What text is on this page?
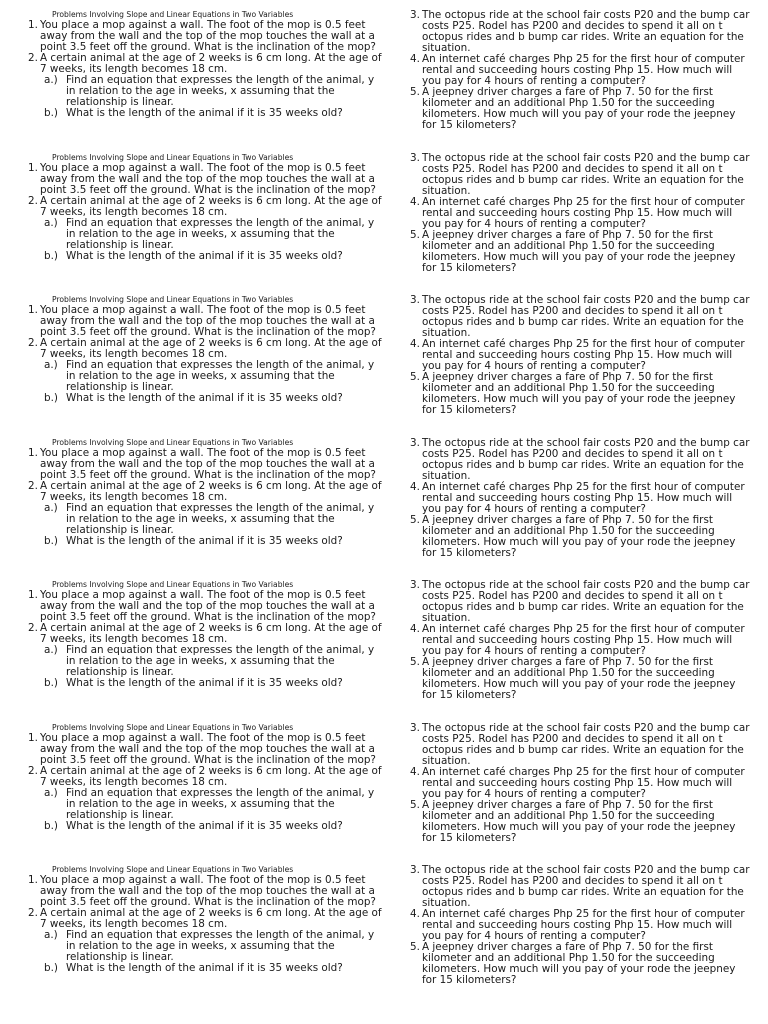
Problems Involving Slope and Linear Equations in Two Variables
1. You place a mop against a wall. The foot of the mop is 0.5 feet away from the wall and the top of the mop touches the wall at a point 3.5 feet off the ground. What is the inclination of the mop?
2. A certain animal at the age of 2 weeks is 6 cm long. At the age of 7 weeks, its length becomes 18 cm.
a.) Find an equation that expresses the length of the animal, y in relation to the age in weeks, x assuming that the relationship is linear.
b.) What is the length of the animal if it is 35 weeks old?
3. The octopus ride at the school fair costs P20 and the bump car costs P25. Rodel has P200 and decides to spend it all on t octopus rides and b bump car rides. Write an equation for the situation.
4. An internet café charges Php 25 for the first hour of computer rental and succeeding hours costing Php 15. How much will you pay for 4 hours of renting a computer?
5. A jeepney driver charges a fare of Php 7. 50 for the first kilometer and an additional Php 1.50 for the succeeding kilometers. How much will you pay of your rode the jeepney for 15 kilometers?
Problems Involving Slope and Linear Equations in Two Variables
1. You place a mop against a wall. The foot of the mop is 0.5 feet away from the wall and the top of the mop touches the wall at a point 3.5 feet off the ground. What is the inclination of the mop?
2. A certain animal at the age of 2 weeks is 6 cm long. At the age of 7 weeks, its length becomes 18 cm.
a.) Find an equation that expresses the length of the animal, y in relation to the age in weeks, x assuming that the relationship is linear.
b.) What is the length of the animal if it is 35 weeks old?
3. The octopus ride at the school fair costs P20 and the bump car costs P25. Rodel has P200 and decides to spend it all on t octopus rides and b bump car rides. Write an equation for the situation.
4. An internet café charges Php 25 for the first hour of computer rental and succeeding hours costing Php 15. How much will you pay for 4 hours of renting a computer?
5. A jeepney driver charges a fare of Php 7. 50 for the first kilometer and an additional Php 1.50 for the succeeding kilometers. How much will you pay of your rode the jeepney for 15 kilometers?
Problems Involving Slope and Linear Equations in Two Variables
1. You place a mop against a wall. The foot of the mop is 0.5 feet away from the wall and the top of the mop touches the wall at a point 3.5 feet off the ground. What is the inclination of the mop?
2. A certain animal at the age of 2 weeks is 6 cm long. At the age of 7 weeks, its length becomes 18 cm.
a.) Find an equation that expresses the length of the animal, y in relation to the age in weeks, x assuming that the relationship is linear.
b.) What is the length of the animal if it is 35 weeks old?
3. The octopus ride at the school fair costs P20 and the bump car costs P25. Rodel has P200 and decides to spend it all on t octopus rides and b bump car rides. Write an equation for the situation.
4. An internet café charges Php 25 for the first hour of computer rental and succeeding hours costing Php 15. How much will you pay for 4 hours of renting a computer?
5. A jeepney driver charges a fare of Php 7. 50 for the first kilometer and an additional Php 1.50 for the succeeding kilometers. How much will you pay of your rode the jeepney for 15 kilometers?
Problems Involving Slope and Linear Equations in Two Variables
1. You place a mop against a wall. The foot of the mop is 0.5 feet away from the wall and the top of the mop touches the wall at a point 3.5 feet off the ground. What is the inclination of the mop?
2. A certain animal at the age of 2 weeks is 6 cm long. At the age of 7 weeks, its length becomes 18 cm.
a.) Find an equation that expresses the length of the animal, y in relation to the age in weeks, x assuming that the relationship is linear.
b.) What is the length of the animal if it is 35 weeks old?
3. The octopus ride at the school fair costs P20 and the bump car costs P25. Rodel has P200 and decides to spend it all on t octopus rides and b bump car rides. Write an equation for the situation.
4. An internet café charges Php 25 for the first hour of computer rental and succeeding hours costing Php 15. How much will you pay for 4 hours of renting a computer?
5. A jeepney driver charges a fare of Php 7. 50 for the first kilometer and an additional Php 1.50 for the succeeding kilometers. How much will you pay of your rode the jeepney for 15 kilometers?
Problems Involving Slope and Linear Equations in Two Variables
1. You place a mop against a wall. The foot of the mop is 0.5 feet away from the wall and the top of the mop touches the wall at a point 3.5 feet off the ground. What is the inclination of the mop?
2. A certain animal at the age of 2 weeks is 6 cm long. At the age of 7 weeks, its length becomes 18 cm.
a.) Find an equation that expresses the length of the animal, y in relation to the age in weeks, x assuming that the relationship is linear.
b.) What is the length of the animal if it is 35 weeks old?
3. The octopus ride at the school fair costs P20 and the bump car costs P25. Rodel has P200 and decides to spend it all on t octopus rides and b bump car rides. Write an equation for the situation.
4. An internet café charges Php 25 for the first hour of computer rental and succeeding hours costing Php 15. How much will you pay for 4 hours of renting a computer?
5. A jeepney driver charges a fare of Php 7. 50 for the first kilometer and an additional Php 1.50 for the succeeding kilometers. How much will you pay of your rode the jeepney for 15 kilometers?
Problems Involving Slope and Linear Equations in Two Variables
1. You place a mop against a wall. The foot of the mop is 0.5 feet away from the wall and the top of the mop touches the wall at a point 3.5 feet off the ground. What is the inclination of the mop?
2. A certain animal at the age of 2 weeks is 6 cm long. At the age of 7 weeks, its length becomes 18 cm.
a.) Find an equation that expresses the length of the animal, y in relation to the age in weeks, x assuming that the relationship is linear.
b.) What is the length of the animal if it is 35 weeks old?
3. The octopus ride at the school fair costs P20 and the bump car costs P25. Rodel has P200 and decides to spend it all on t octopus rides and b bump car rides. Write an equation for the situation.
4. An internet café charges Php 25 for the first hour of computer rental and succeeding hours costing Php 15. How much will you pay for 4 hours of renting a computer?
5. A jeepney driver charges a fare of Php 7. 50 for the first kilometer and an additional Php 1.50 for the succeeding kilometers. How much will you pay of your rode the jeepney for 15 kilometers?
Problems Involving Slope and Linear Equations in Two Variables
1. You place a mop against a wall. The foot of the mop is 0.5 feet away from the wall and the top of the mop touches the wall at a point 3.5 feet off the ground. What is the inclination of the mop?
2. A certain animal at the age of 2 weeks is 6 cm long. At the age of 7 weeks, its length becomes 18 cm.
a.) Find an equation that expresses the length of the animal, y in relation to the age in weeks, x assuming that the relationship is linear.
b.) What is the length of the animal if it is 35 weeks old?
3. The octopus ride at the school fair costs P20 and the bump car costs P25. Rodel has P200 and decides to spend it all on t octopus rides and b bump car rides. Write an equation for the situation.
4. An internet café charges Php 25 for the first hour of computer rental and succeeding hours costing Php 15. How much will you pay for 4 hours of renting a computer?
5. A jeepney driver charges a fare of Php 7. 50 for the first kilometer and an additional Php 1.50 for the succeeding kilometers. How much will you pay of your rode the jeepney for 15 kilometers?
